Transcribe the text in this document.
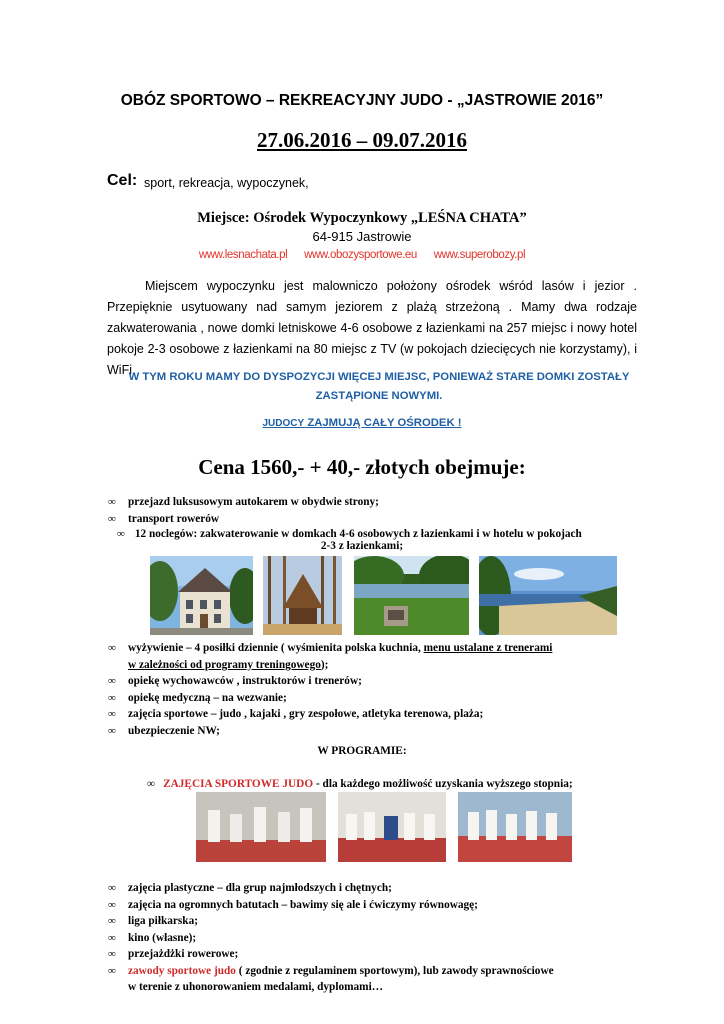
OBÓZ SPORTOWO – REKREACYJNY JUDO - „JASTROWIE 2016”
27.06.2016 – 09.07.2016
Cel: sport, rekreacja, wypoczynek,
Miejsce: Ośrodek Wypoczynkowy „LEŚNA CHATA”
64-915 Jastrowie
www.lesnachata.pl www.obozysportowe.eu www.superobozy.pl
Miejscem wypoczynku jest malowniczo położony ośrodek wśród lasów i jezior . Przepięknie usytuowany nad samym jeziorem z plażą strzeżoną . Mamy dwa rodzaje zakwaterowania , nowe domki letniskowe 4-6 osobowe z łazienkami na 257 miejsc i nowy hotel pokoje 2-3 osobowe z łazienkami na 80 miejsc z TV (w pokojach dziecięcych nie korzystamy), i WiFi.
W TYM ROKU MAMY DO DYSPOZYCJI WIĘCEJ MIEJSC, PONIEWAŻ STARE DOMKI ZOSTAŁY ZASTĄPIONE NOWYMI.
JUDOCY ZAJMUJĄ CAŁY OŚRODEK !
Cena 1560,- + 40,- złotych obejmuje:
∞ przejazd luksusowym autokarem w obydwie strony;
∞ transport rowerów
∞ 12 noclegów: zakwaterowanie w domkach 4-6 osobowych z łazienkami i w hotelu w pokojach
2-3 z łazienkami;
∞ wyżywienie – 4 posiłki dziennie ( wyśmienita polska kuchnia, menu ustalane z trenerami
w zależności od programy treningowego);
∞ opiekę wychowawców , instruktorów i trenerów;
∞ opiekę medyczną – na wezwanie;
∞ zajęcia sportowe – judo , kajaki , gry zespołowe, atletyka terenowa, plaża;
∞ ubezpieczenie NW;
W PROGRAMIE:
∞ ZAJĘCIA SPORTOWE JUDO - dla każdego możliwość uzyskania wyższego stopnia;
∞ zajęcia plastyczne – dla grup najmłodszych i chętnych;
∞ zajęcia na ogromnych batutach – bawimy się ale i ćwiczymy równowagę;
∞ liga piłkarska;
∞ kino (własne);
∞ przejażdżki rowerowe;
∞ zawody sportowe judo ( zgodnie z regulaminem sportowym), lub zawody sprawnościowe
w terenie z uhonorowaniem medalami, dyplomami…
